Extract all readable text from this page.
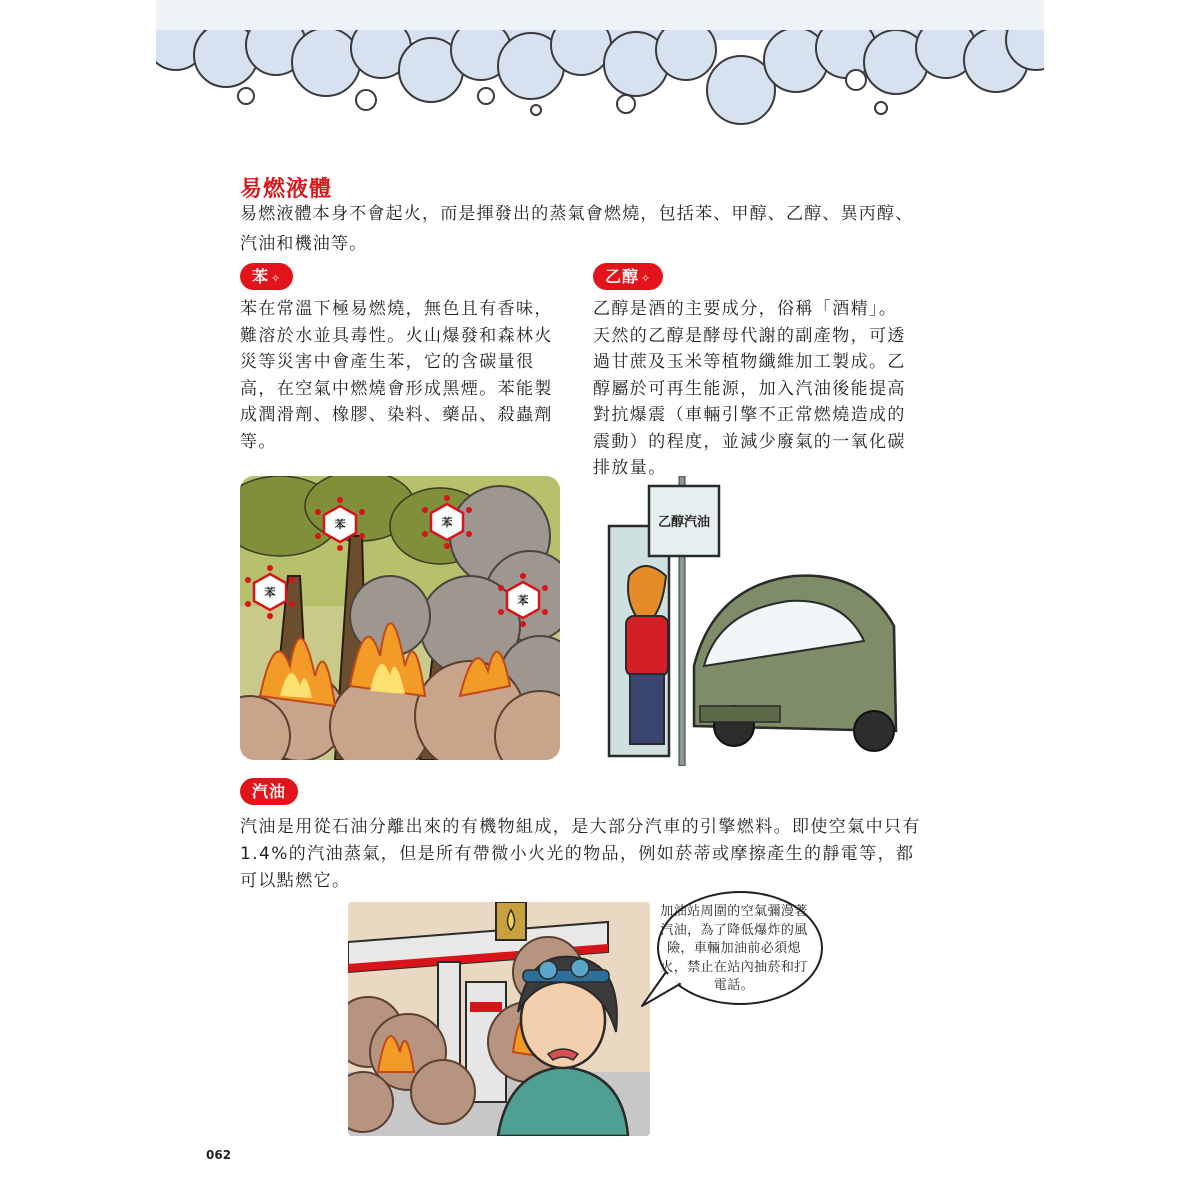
易燃液體
易燃液體本身不會起火，而是揮發出的蒸氣會燃燒，包括苯、甲醇、乙醇、異丙醇、汽油和機油等。
苯 ✧
苯在常溫下極易燃燒，無色且有香味，難溶於水並具毒性。火山爆發和森林火災等災害中會產生苯，它的含碳量很高，在空氣中燃燒會形成黑煙。苯能製成潤滑劑、橡膠、染料、藥品、殺蟲劑等。
苯	苯
苯
苯
乙醇 ✧
乙醇是酒的主要成分，俗稱「酒精」。天然的乙醇是酵母代謝的副產物，可透過甘蔗及玉米等植物纖維加工製成。乙醇屬於可再生能源，加入汽油後能提高對抗爆震（車輛引擎不正常燃燒造成的震動）的程度，並減少廢氣的一氧化碳排放量。
乙醇汽油
汽油
汽油是用從石油分離出來的有機物組成，是大部分汽車的引擎燃料。即使空氣中只有1.4%的汽油蒸氣，但是所有帶微小火光的物品，例如菸蒂或摩擦產生的靜電等，都可以點燃它。
加油站周圍的空氣彌漫著汽油，為了降低爆炸的風險，車輛加油前必須熄火，禁止在站內抽菸和打電話。
062
